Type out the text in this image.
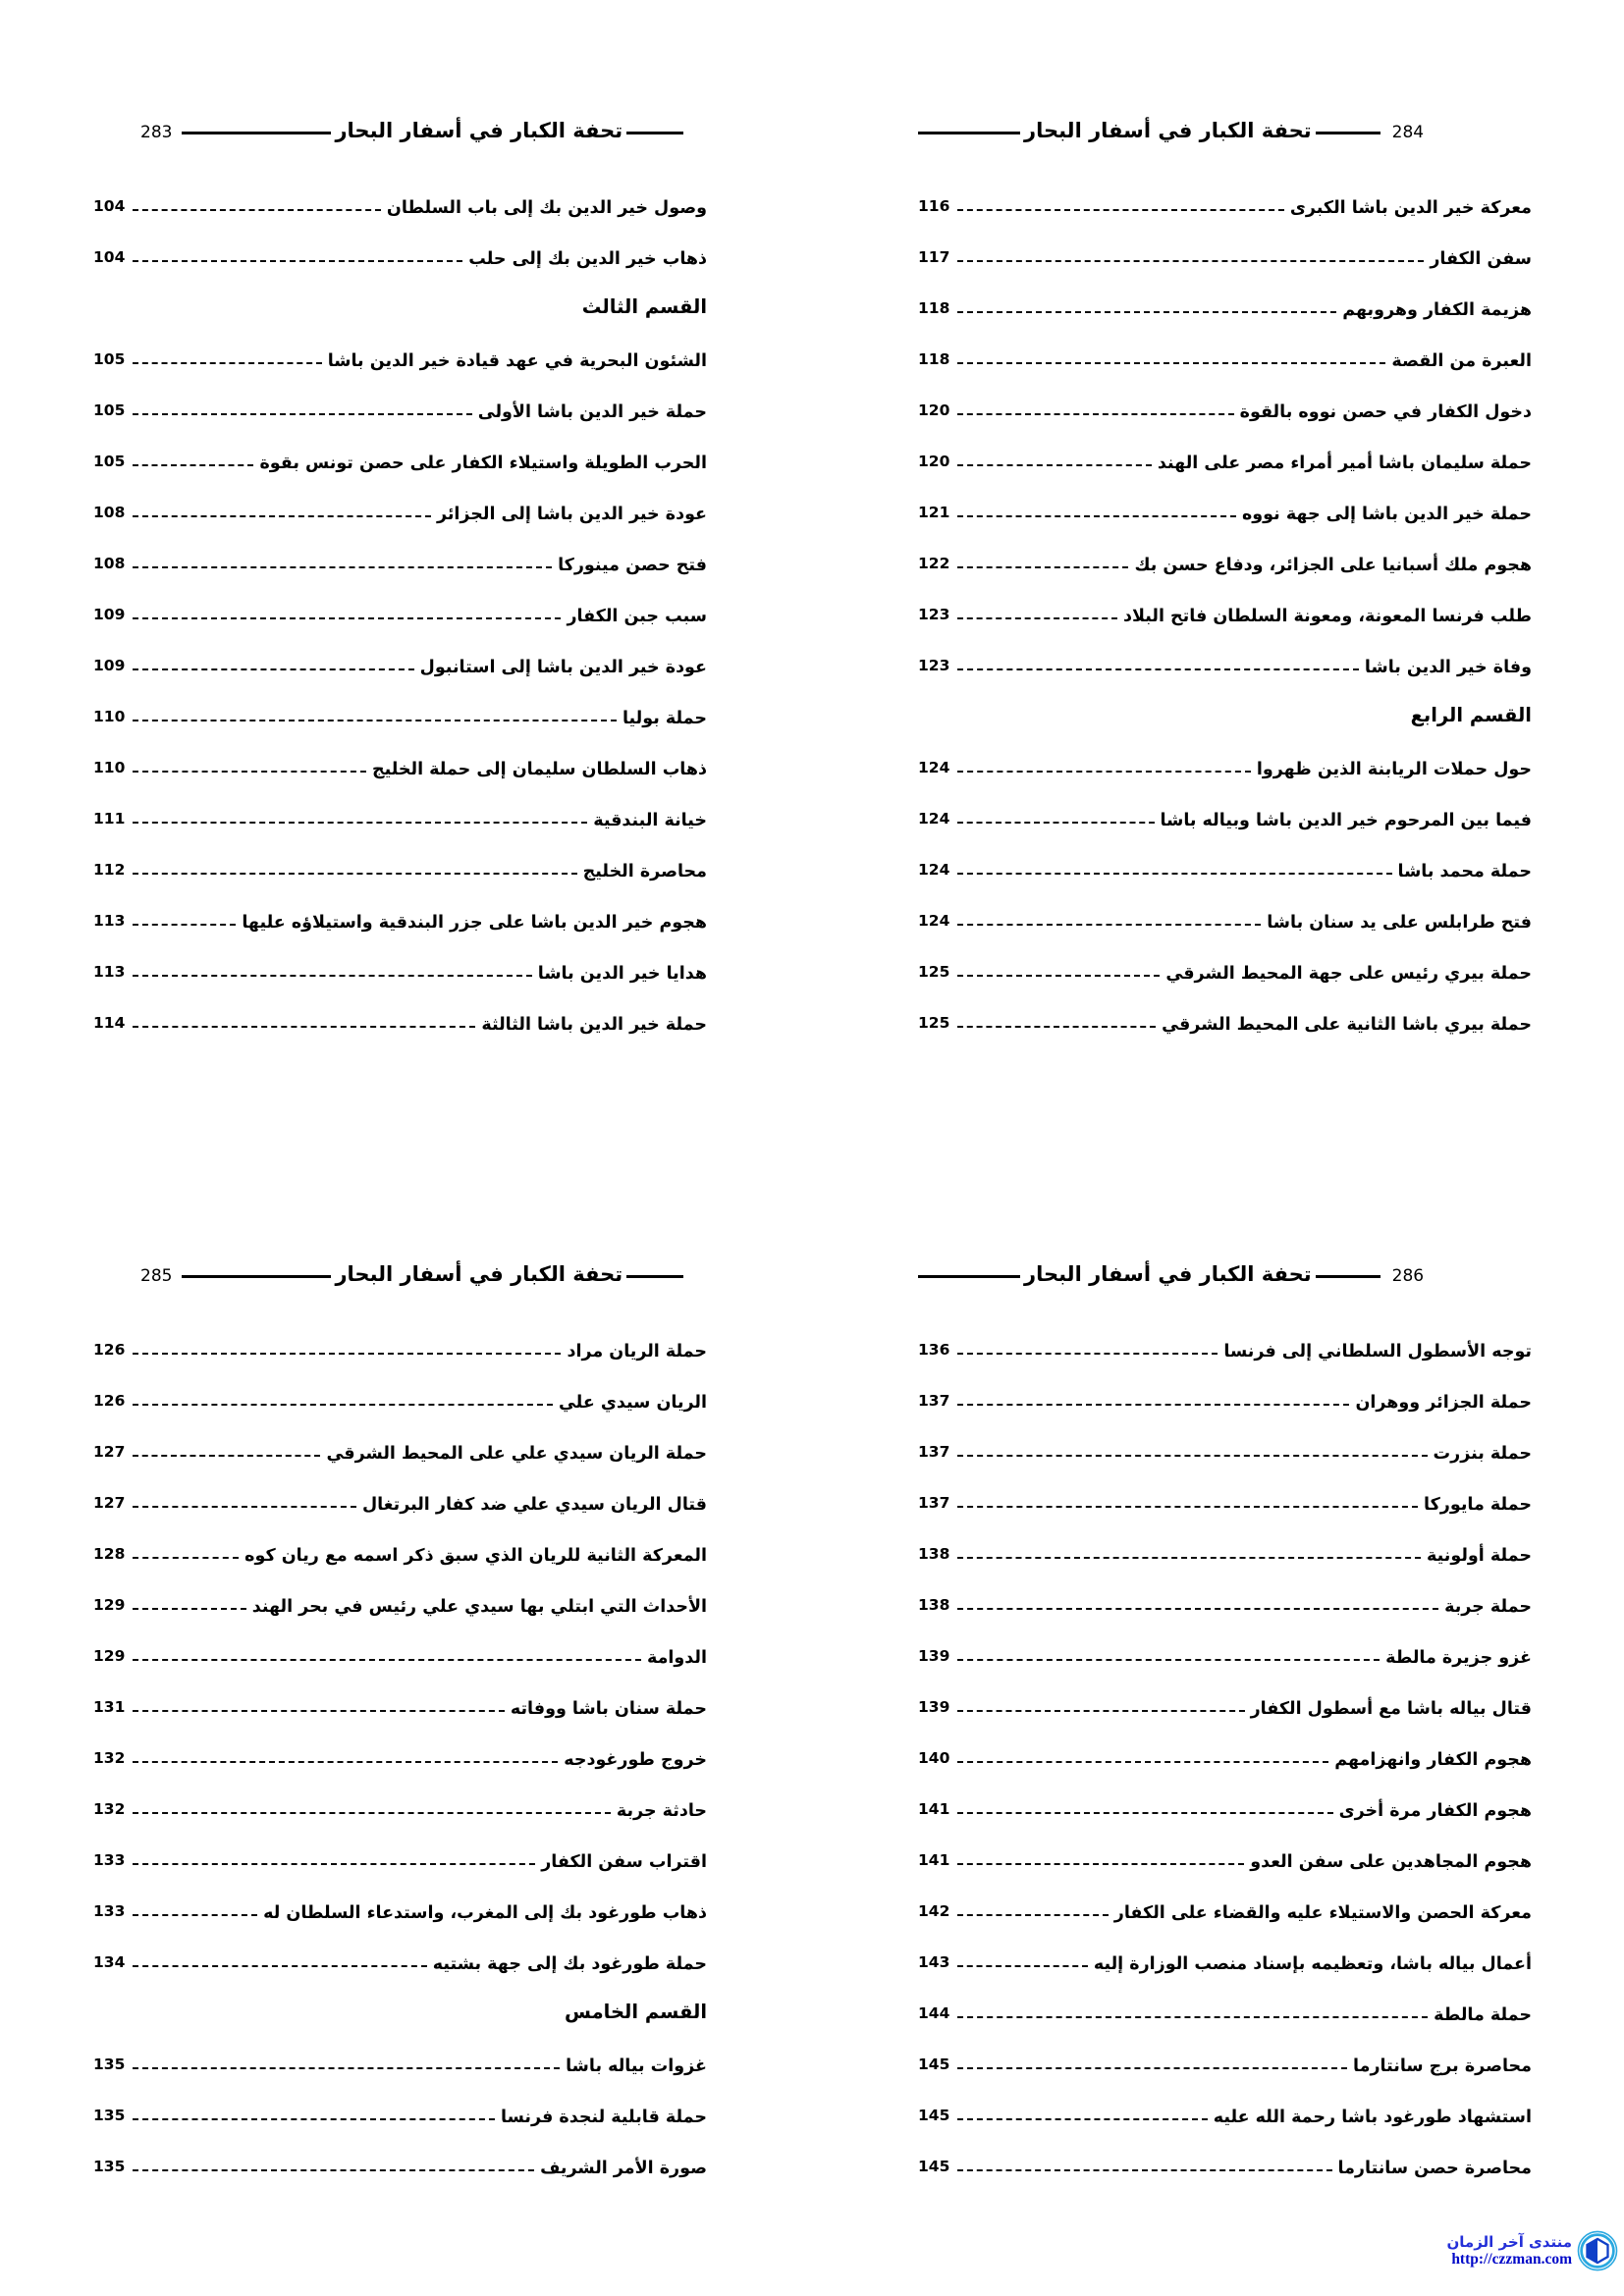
283	تحفة الكبار في أسفار البحار
104	وصول خير الدين بك إلى باب السلطان
104	ذهاب خير الدين بك إلى حلب
القسم الثالث
105	الشئون البحرية في عهد قيادة خير الدين باشا
105	حملة خير الدين باشا الأولى
105	الحرب الطويلة واستيلاء الكفار على حصن تونس بقوة
108	عودة خير الدين باشا إلى الجزائر
108	فتح حصن مينوركا
109	سبب جبن الكفار
109	عودة خير الدين باشا إلى استانبول
110	حملة بوليا
110	ذهاب السلطان سليمان إلى حملة الخليج
111	خيانة البندقية
112	محاصرة الخليج
113	هجوم خير الدين باشا على جزر البندقية واستيلاؤه عليها
113	هدايا خير الدين باشا
114	حملة خير الدين باشا الثالثة
284
تحفة الكبار في أسفار البحار
116	معركة خير الدين باشا الكبرى
117	سفن الكفار
118	هزيمة الكفار وهروبهم
118	العبرة من القصة
120	دخول الكفار في حصن نووه بالقوة
120	حملة سليمان باشا أمير أمراء مصر على الهند
121	حملة خير الدين باشا إلى جهة نووه
122	هجوم ملك أسبانيا على الجزائر، ودفاع حسن بك
123	طلب فرنسا المعونة، ومعونة السلطان فاتح البلاد
123	وفاة خير الدين باشا
القسم الرابع
124	حول حملات الريابنة الذين ظهروا
124	فيما بين المرحوم خير الدين باشا وبياله باشا
124	حملة محمد باشا
124	فتح طرابلس على يد سنان باشا
125	حملة بيري رئيس على جهة المحيط الشرقي
125	حملة بيري باشا الثانية على المحيط الشرقي
285	تحفة الكبار في أسفار البحار
126	حملة الريان مراد
126	الريان سيدي علي
127	حملة الريان سيدي علي على المحيط الشرقي
127	قتال الريان سيدي علي ضد كفار البرتغال
128	المعركة الثانية للريان الذي سبق ذكر اسمه مع ريان كوه
129	الأحداث التي ابتلي بها سيدي علي رئيس في بحر الهند
129	الدوامة
131	حملة سنان باشا ووفاته
132	خروج طورغودجه
132	حادثة جربة
133	اقتراب سفن الكفار
133	ذهاب طورغود بك إلى المغرب، واستدعاء السلطان له
134	حملة طورغود بك إلى جهة بشتيه
القسم الخامس
135	غزوات بياله باشا
135	حملة قابلية لنجدة فرنسا
135	صورة الأمر الشريف
286
تحفة الكبار في أسفار البحار
136	توجه الأسطول السلطاني إلى فرنسا
137	حملة الجزائر ووهران
137	حملة بنزرت
137	حملة مايوركا
138	حملة أولونية
138	حملة جربة
139	غزو جزيرة مالطة
139	قتال بياله باشا مع أسطول الكفار
140	هجوم الكفار وانهزامهم
141	هجوم الكفار مرة أخرى
141	هجوم المجاهدين على سفن العدو
142	معركة الحصن والاستيلاء عليه والقضاء على الكفار
143	أعمال بياله باشا، وتعظيمه بإسناد منصب الوزارة إليه
144	حملة مالطة
145	محاصرة برج سانتارما
145	استشهاد طورغود باشا رحمة الله عليه
145	محاصرة حصن سانتارما
منتدى آخر الزمان
http://czzman.com
